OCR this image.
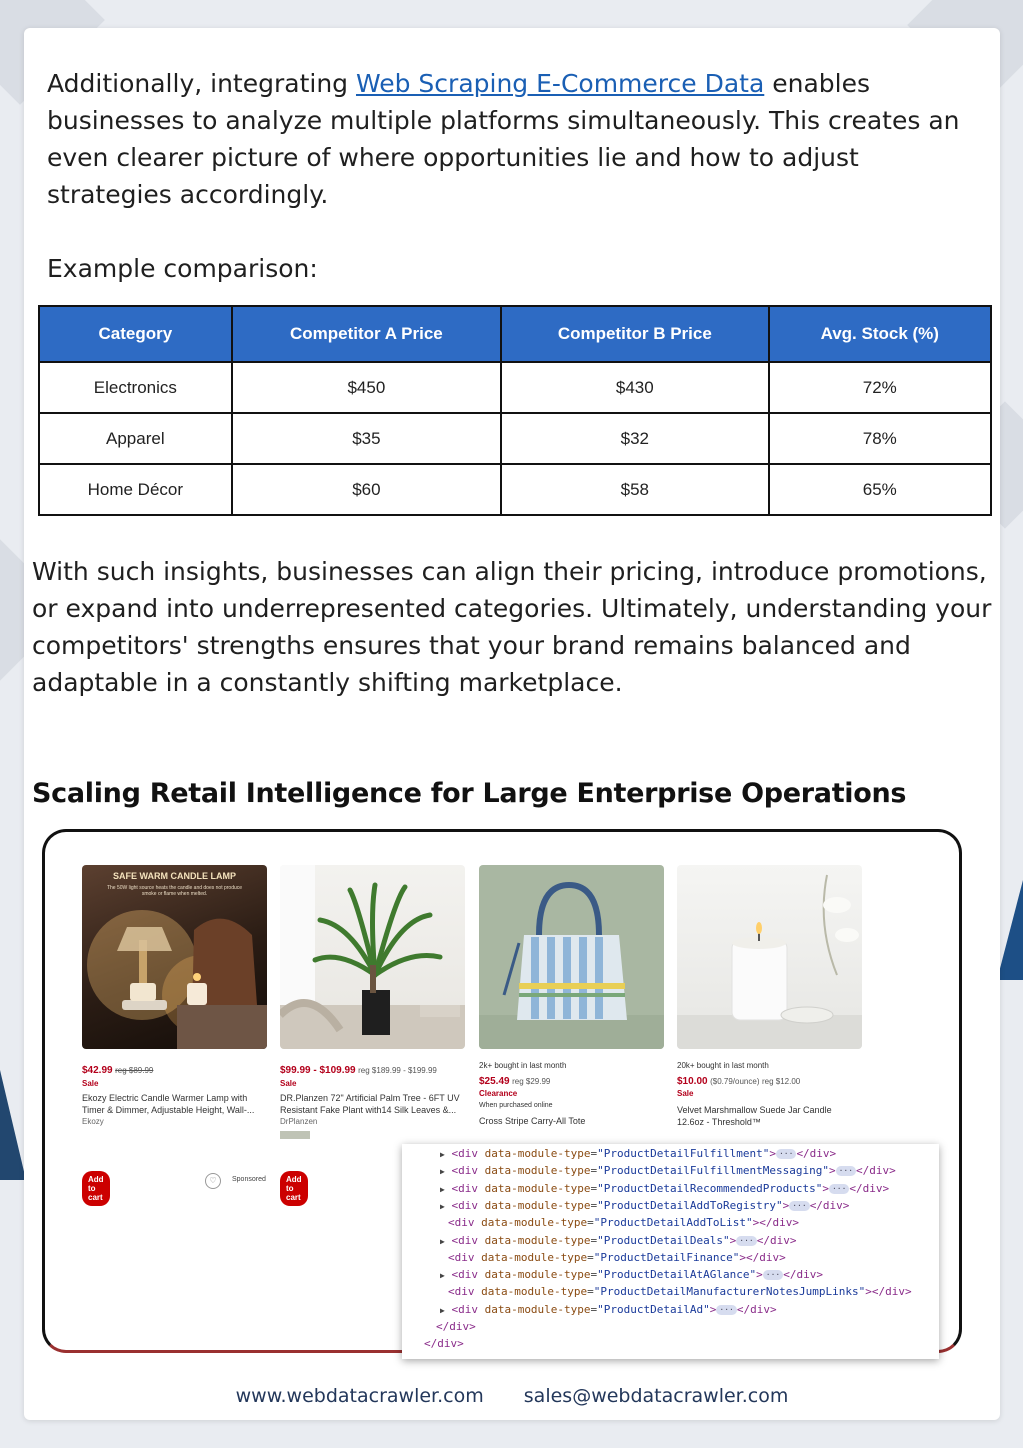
Additionally, integrating Web Scraping E-Commerce Data enables businesses to analyze multiple platforms simultaneously. This creates an even clearer picture of where opportunities lie and how to adjust strategies accordingly.

Example comparison:

Category	Competitor A Price	Competitor B Price	Avg. Stock (%)
Electronics	$450	$430	72%
Apparel	$35	$32	78%
Home Décor	$60	$58	65%

With such insights, businesses can align their pricing, introduce promotions, or expand into underrepresented categories. Ultimately, understanding your competitors' strengths ensures that your brand remains balanced and adaptable in a constantly shifting marketplace.

Scaling Retail Intelligence for Large Enterprise Operations
SAFE WARM CANDLE LAMP
The 50W light source heats the candle and does not produce smoke or flame when melted.
$42.99 reg $89.99
Sale
Ekozy Electric Candle Warmer Lamp with
Timer & Dimmer, Adjustable Height, Wall-...
Ekozy
Add to cart
♡	Sponsored
$99.99 - $109.99 reg $189.99 - $199.99
Sale
DR.Planzen 72" Artificial Palm Tree - 6FT UV
Resistant Fake Plant with14 Silk Leaves &...
DrPlanzen
Add to cart
2k+ bought in last month
$25.49 reg $29.99
Clearance
When purchased online
Cross Stripe Carry-All Tote
20k+ bought in last month
$10.00 ($0.79/ounce) reg $12.00
Sale
Velvet Marshmallow Suede Jar Candle
12.6oz - Threshold™
▶ <div data-module-type="ProductDetailFulfillment"> ··· </div>
▶ <div data-module-type="ProductDetailFulfillmentMessaging"> ··· </div>
▶ <div data-module-type="ProductDetailRecommendedProducts"> ··· </div>
▶ <div data-module-type="ProductDetailAddToRegistry"> ··· </div>
<div data-module-type="ProductDetailAddToList"></div>
▶ <div data-module-type="ProductDetailDeals"> ··· </div>
<div data-module-type="ProductDetailFinance"></div>
▶ <div data-module-type="ProductDetailAtAGlance"> ··· </div>
<div data-module-type="ProductDetailManufacturerNotesJumpLinks"></div>
▶ <div data-module-type="ProductDetailAd"> ··· </div>
</div>
</div>
www.webdatacrawler.com sales@webdatacrawler.com
